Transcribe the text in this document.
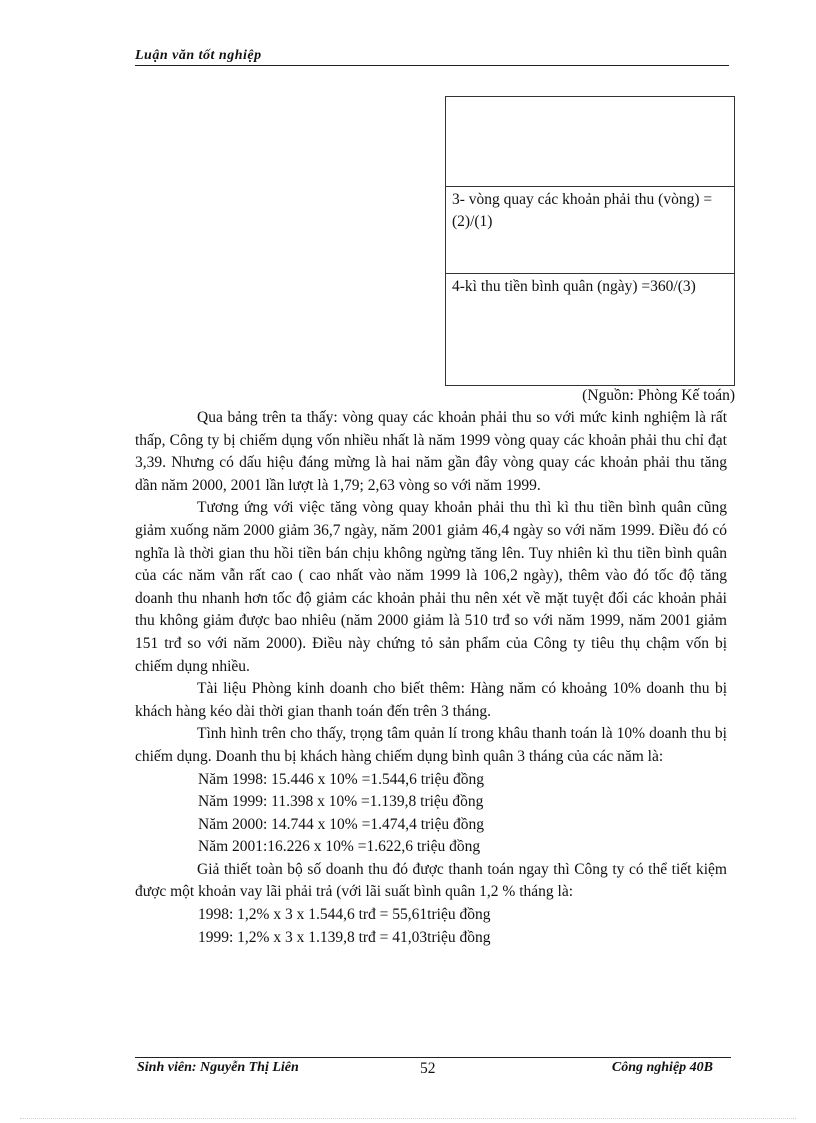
Luận văn tốt nghiệp
3- vòng quay các khoản phải thu (vòng) = (2)/(1)
4-kì thu tiền bình quân (ngày) =360/(3)
(Nguồn: Phòng Kế toán)

Qua bảng trên ta thấy: vòng quay các khoản phải thu so với mức kinh nghiệm là rất thấp, Công ty bị chiếm dụng vốn nhiều nhất là năm 1999 vòng quay các khoản phải thu chỉ đạt 3,39. Nhưng có dấu hiệu đáng mừng là hai năm gần đây vòng quay các khoản phải thu tăng dần năm 2000, 2001 lần lượt là 1,79; 2,63 vòng so với năm 1999.

Tương ứng với việc tăng vòng quay khoản phải thu thì kì thu tiền bình quân cũng giảm xuống năm 2000 giảm 36,7 ngày, năm 2001 giảm 46,4 ngày so với năm 1999. Điều đó có nghĩa là thời gian thu hồi tiền bán chịu không ngừng tăng lên. Tuy nhiên kì thu tiền bình quân của các năm vẫn rất cao ( cao nhất vào năm 1999 là 106,2 ngày), thêm vào đó tốc độ tăng doanh thu nhanh hơn tốc độ giảm các khoản phải thu nên xét về mặt tuyệt đối các khoản phải thu không giảm được bao nhiêu (năm 2000 giảm là 510 trđ so với năm 1999, năm 2001 giảm 151 trđ so với năm 2000). Điều này chứng tỏ sản phẩm của Công ty tiêu thụ chậm vốn bị chiếm dụng nhiều.

Tài liệu Phòng kinh doanh cho biết thêm: Hàng năm có khoảng 10% doanh thu bị khách hàng kéo dài thời gian thanh toán đến trên 3 tháng.

Tình hình trên cho thấy, trọng tâm quản lí trong khâu thanh toán là 10% doanh thu bị chiếm dụng. Doanh thu bị khách hàng chiếm dụng bình quân 3 tháng của các năm là:

Năm 1998: 15.446 x 10% =1.544,6 triệu đồng

Năm 1999: 11.398 x 10% =1.139,8 triệu đồng

Năm 2000: 14.744 x 10% =1.474,4 triệu đồng

Năm 2001:16.226 x 10% =1.622,6 triệu đồng

Giả thiết toàn bộ số doanh thu đó được thanh toán ngay thì Công ty có thể tiết kiệm được một khoản vay lãi phải trả (với lãi suất bình quân 1,2 % tháng là:

1998: 1,2% x 3 x 1.544,6 trđ = 55,61triệu đồng

1999: 1,2% x 3 x 1.139,8 trđ = 41,03triệu đồng

Sinh viên: Nguyễn Thị Liên	52	Công nghiệp 40B
